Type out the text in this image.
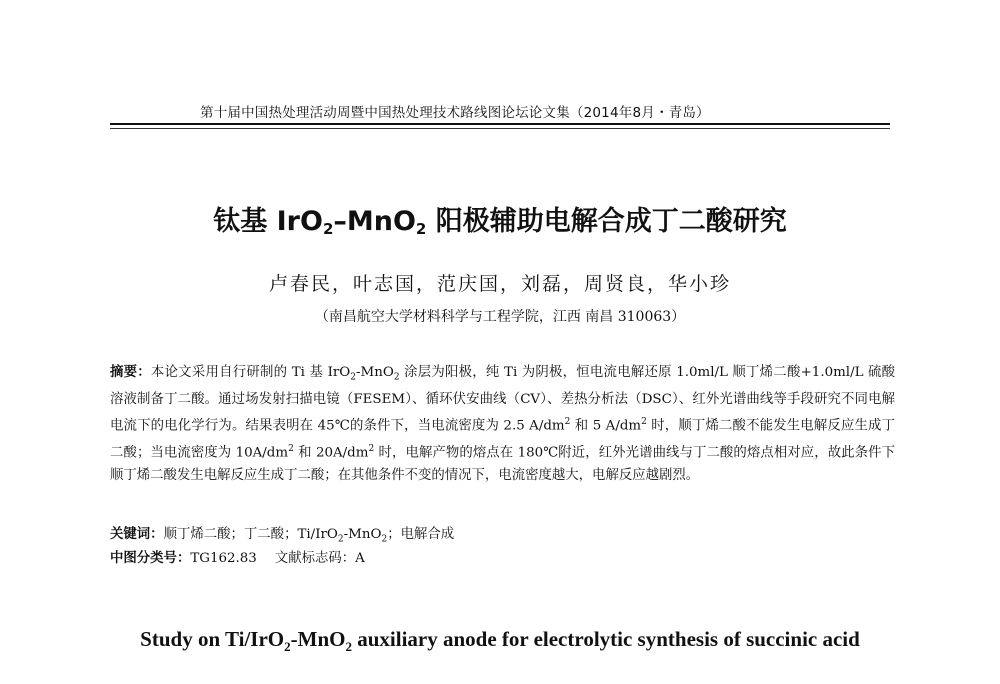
第十届中国热处理活动周暨中国热处理技术路线图论坛论文集（2014年8月・青岛）
钛基 IrO$_2$–MnO$_2$ 阳极辅助电解合成丁二酸研究
卢春民，叶志国，范庆国，刘磊，周贤良，华小珍
（南昌航空大学材料科学与工程学院，江西 南昌 310063）
摘要：本论文采用自行研制的 Ti 基 IrO$_2$-MnO$_2$ 涂层为阳极，纯 Ti 为阴极，恒电流电解还原 1.0ml/L 顺丁烯二酸+1.0ml/L 硫酸溶液制备丁二酸。通过场发射扫描电镜（FESEM）、循环伏安曲线（CV）、差热分析法（DSC）、红外光谱曲线等手段研究不同电解电流下的电化学行为。结果表明在 45℃的条件下，当电流密度为 2.5 $A/dm^2$ 和 5 $A/dm^2$ 时，顺丁烯二酸不能发生电解反应生成丁二酸；当电流密度为 $10A/dm^2$ 和 $20A/dm^2$ 时，电解产物的熔点在 180℃附近，红外光谱曲线与丁二酸的熔点相对应，故此条件下顺丁烯二酸发生电解反应生成丁二酸；在其他条件不变的情况下，电流密度越大，电解反应越剧烈。
关键词：顺丁烯二酸；丁二酸；Ti/IrO$_2$-MnO$_2$；电解合成
中图分类号：TG162.83 文献标志码：A
Study on Ti/IrO$_2$-MnO$_2$ auxiliary anode for electrolytic synthesis of succinic acid
